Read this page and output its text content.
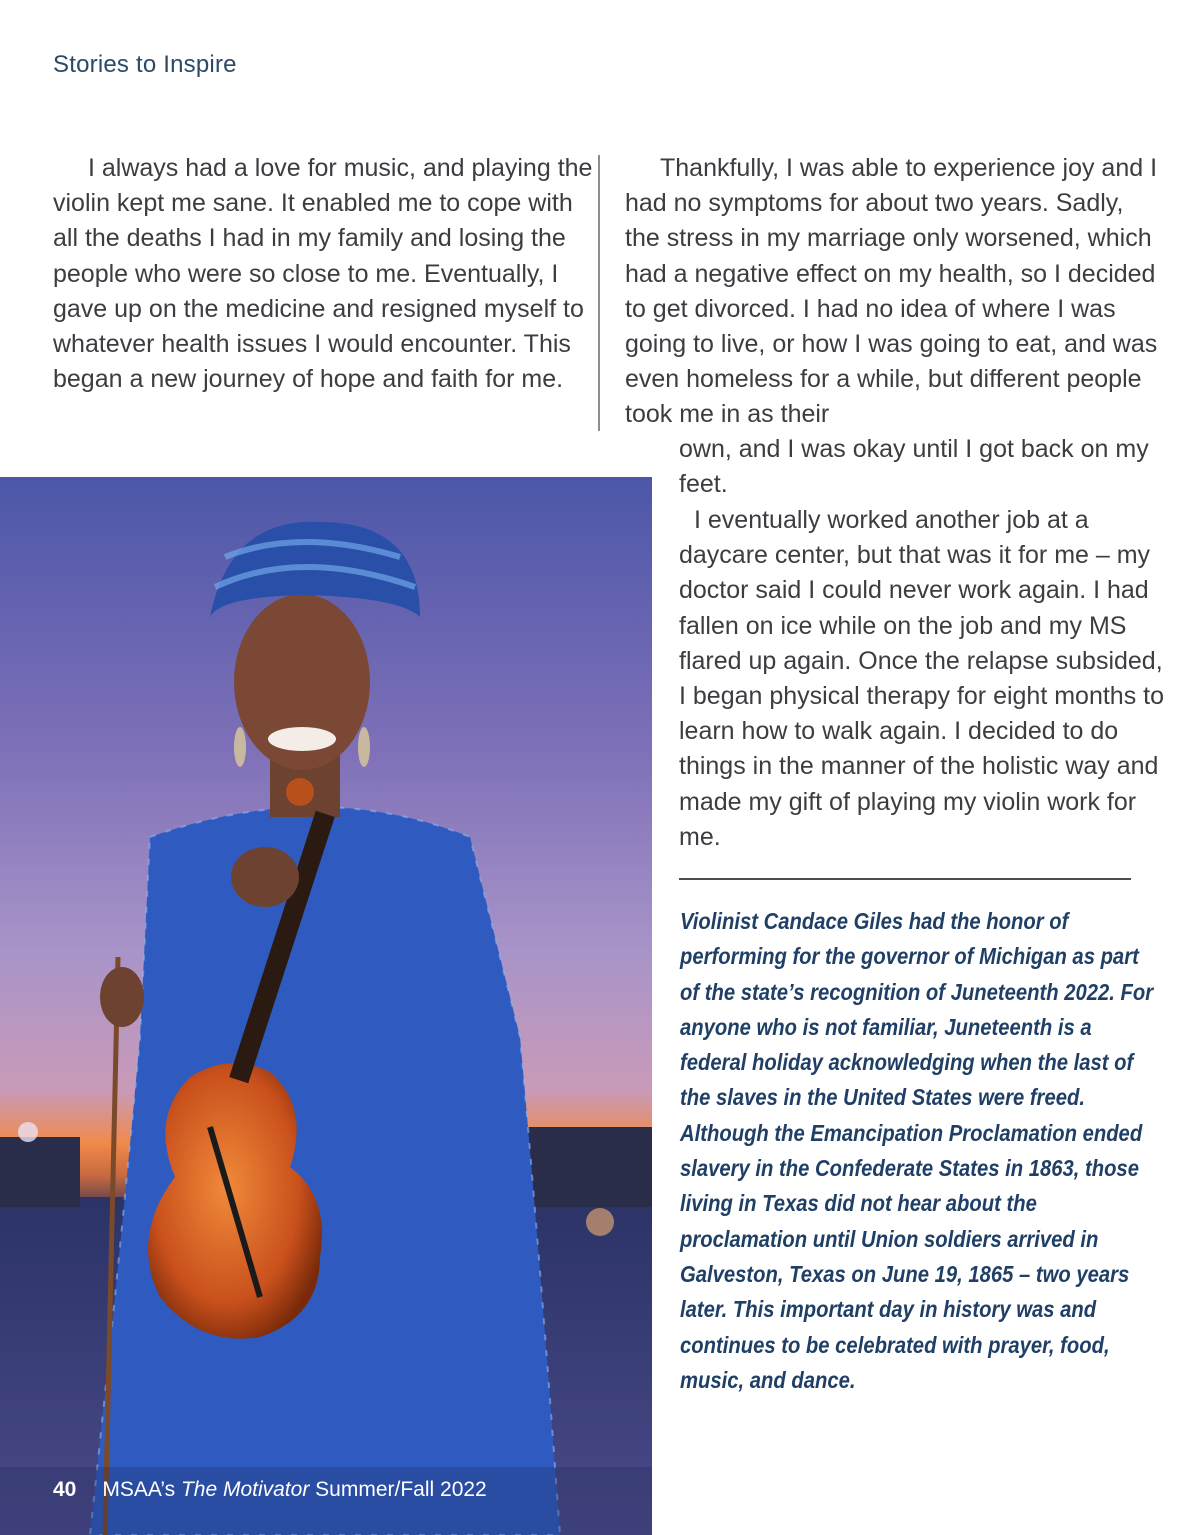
Stories to Inspire

I always had a love for music, and playing the violin kept me sane. It enabled me to cope with all the deaths I had in my family and losing the people who were so close to me. Eventually, I gave up on the medicine and resigned myself to whatever health issues I would encounter. This began a new journey of hope and faith for me.

Thankfully, I was able to experience joy and I had no symptoms for about two years. Sadly, the stress in my marriage only worsened, which had a negative effect on my health, so I decided to get divorced. I had no idea of where I was going to live, or how I was going to eat, and was even homeless for a while, but different people took me in as their

own, and I was okay until I got back on my feet.

I eventually worked another job at a daycare center, but that was it for me – my doctor said I could never work again. I had fallen on ice while on the job and my MS flared up again. Once the relapse subsided, I began physical therapy for eight months to learn how to walk again. I decided to do things in the manner of the holistic way and made my gift of playing my violin work for me.

Violinist Candace Giles had the honor of performing for the governor of Michigan as part of the state’s recognition of Juneteenth 2022. For anyone who is not familiar, Juneteenth is a federal holiday acknowledging when the last of the slaves in the United States were freed. Although the Emancipation Proclamation ended slavery in the Confederate States in 1863, those living in Texas did not hear about the proclamation until Union soldiers arrived in Galveston, Texas on June 19, 1865 – two years later. This important day in history was and continues to be celebrated with prayer, food, music, and dance.

40 MSAA’s The Motivator Summer/Fall 2022
